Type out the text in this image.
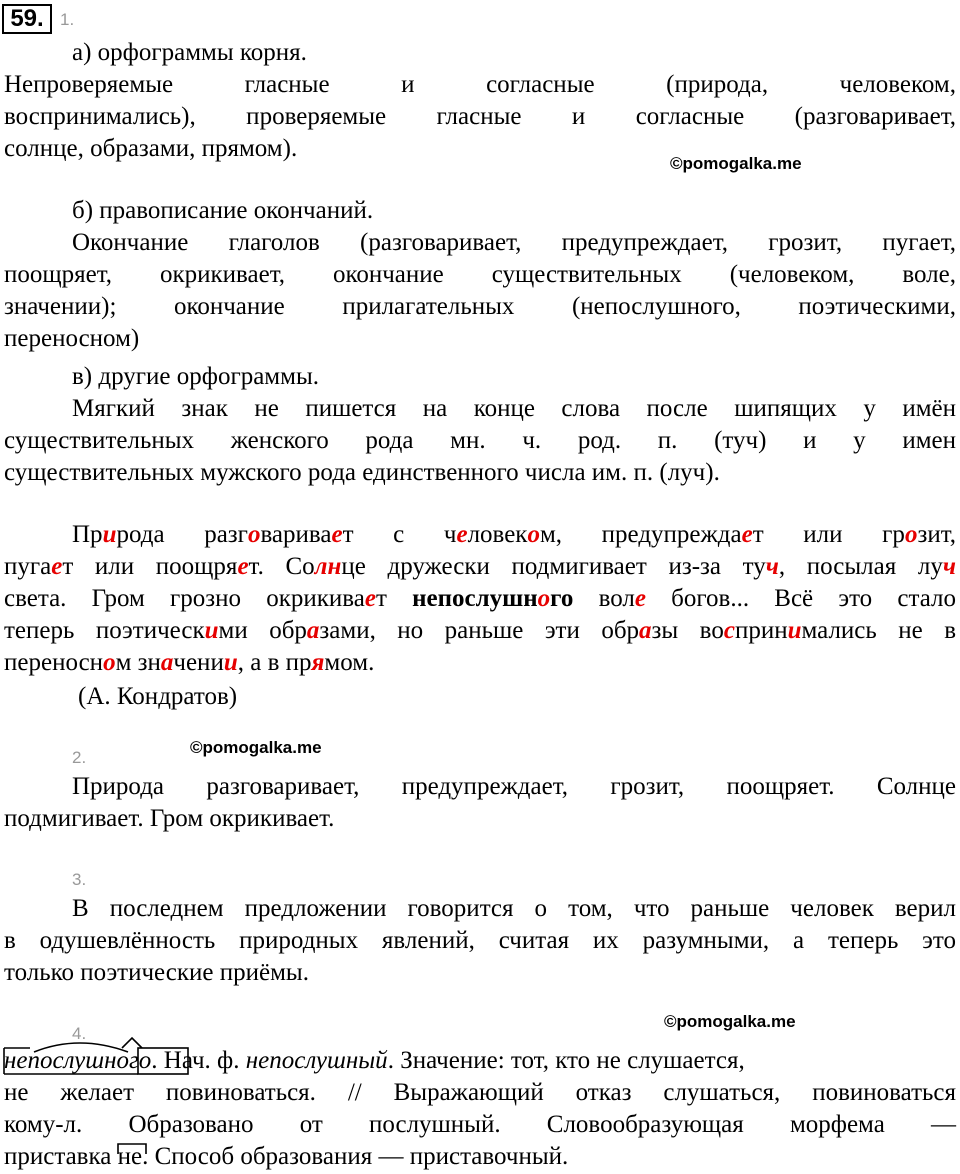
59. 1.
а) орфограммы корня.
Непроверяемые гласные и согласные (природа, человеком,
воспринимались), проверяемые гласные и согласные (разговаривает,
солнце, образами, прямом).
©pomogalka.me
б) правописание окончаний.
Окончание глаголов (разговаривает, предупреждает, грозит, пугает,
поощряет, окрикивает, окончание существительных (человеком, воле,
значении); окончание прилагательных (непослушного, поэтическими,
переносном)
в) другие орфограммы.
Мягкий знак не пишется на конце слова после шипящих у имён
существительных женского рода мн. ч. род. п. (туч) и у имен
существительных мужского рода единственного числа им. п. (луч).
Природа разговаривает с человеком, предупреждает или грозит,
пугает или поощряет. Солнце дружески подмигивает из-за туч, посылая луч
света. Гром грозно окрикивает непослушного воле богов... Всё это стало
теперь поэтическими образами, но раньше эти образы воспринимались не в
переносном значении, а в прямом.
(А. Кондратов)
2.
©pomogalka.me
Природа разговаривает, предупреждает, грозит, поощряет. Солнце
подмигивает. Гром окрикивает.
3.
В последнем предложении говорится о том, что раньше человек верил
в одушевлённость природных явлений, считая их разумными, а теперь это
только поэтические приёмы.
4.
©pomogalka.me
непослушного
. Нач. ф. непослушный. Значение: тот, кто не слушается,
не желает повиноваться. // Выражающий отказ слушаться, повиноваться
кому-л. Образовано от послушный. Словообразующая морфема —
приставка не
. Способ образования — приставочный.
